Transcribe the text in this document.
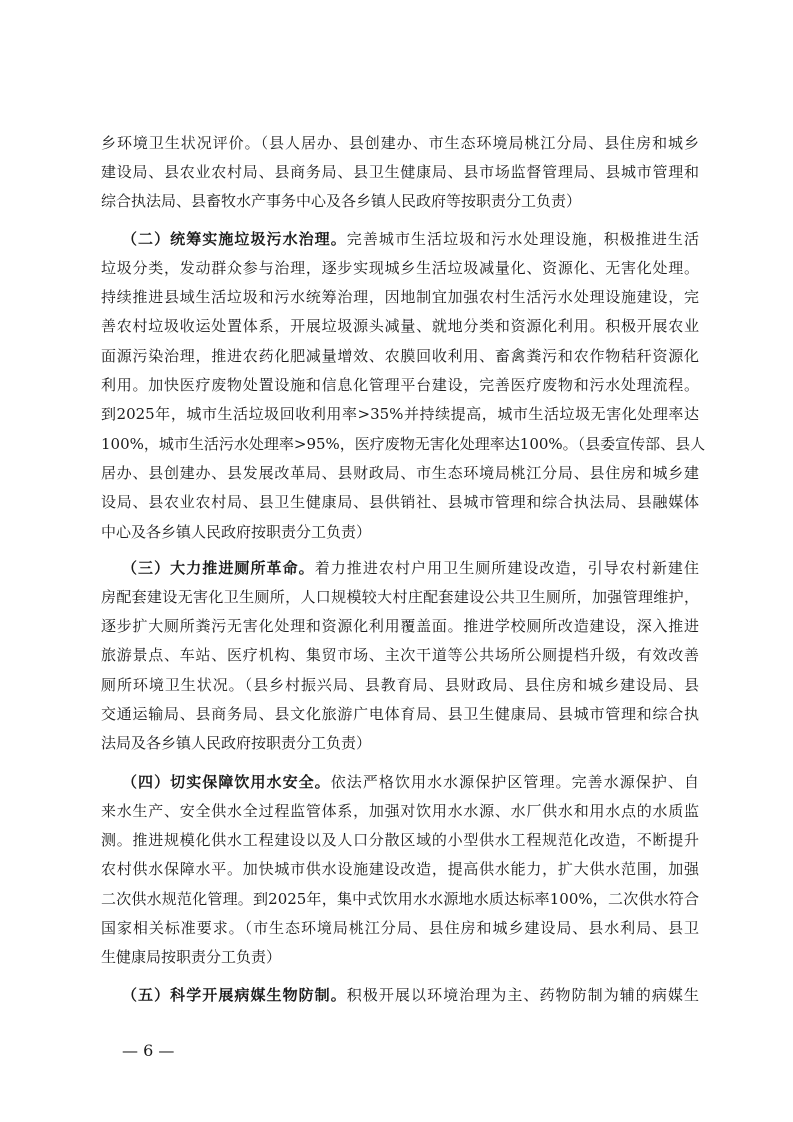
乡环境卫生状况评价。（县人居办、县创建办、市生态环境局桃江分局、县住房和城乡
建设局、县农业农村局、县商务局、县卫生健康局、县市场监督管理局、县城市管理和
综合执法局、县畜牧水产事务中心及各乡镇人民政府等按职责分工负责）
（二）统筹实施垃圾污水治理。完善城市生活垃圾和污水处理设施，积极推进生活
垃圾分类，发动群众参与治理，逐步实现城乡生活垃圾减量化、资源化、无害化处理。
持续推进县域生活垃圾和污水统筹治理，因地制宜加强农村生活污水处理设施建设，完
善农村垃圾收运处置体系，开展垃圾源头减量、就地分类和资源化利用。积极开展农业
面源污染治理，推进农药化肥减量增效、农膜回收利用、畜禽粪污和农作物秸秆资源化
利用。加快医疗废物处置设施和信息化管理平台建设，完善医疗废物和污水处理流程。
到2025年，城市生活垃圾回收利用率>35%并持续提高，城市生活垃圾无害化处理率达
100%，城市生活污水处理率>95%，医疗废物无害化处理率达100%。（县委宣传部、县人
居办、县创建办、县发展改革局、县财政局、市生态环境局桃江分局、县住房和城乡建
设局、县农业农村局、县卫生健康局、县供销社、县城市管理和综合执法局、县融媒体
中心及各乡镇人民政府按职责分工负责）
（三）大力推进厕所革命。着力推进农村户用卫生厕所建设改造，引导农村新建住
房配套建设无害化卫生厕所，人口规模较大村庄配套建设公共卫生厕所，加强管理维护，
逐步扩大厕所粪污无害化处理和资源化利用覆盖面。推进学校厕所改造建设，深入推进
旅游景点、车站、医疗机构、集贸市场、主次干道等公共场所公厕提档升级，有效改善
厕所环境卫生状况。（县乡村振兴局、县教育局、县财政局、县住房和城乡建设局、县
交通运输局、县商务局、县文化旅游广电体育局、县卫生健康局、县城市管理和综合执
法局及各乡镇人民政府按职责分工负责）
（四）切实保障饮用水安全。依法严格饮用水水源保护区管理。完善水源保护、自
来水生产、安全供水全过程监管体系，加强对饮用水水源、水厂供水和用水点的水质监
测。推进规模化供水工程建设以及人口分散区域的小型供水工程规范化改造，不断提升
农村供水保障水平。加快城市供水设施建设改造，提高供水能力，扩大供水范围，加强
二次供水规范化管理。到2025年，集中式饮用水水源地水质达标率100%，二次供水符合
国家相关标准要求。（市生态环境局桃江分局、县住房和城乡建设局、县水利局、县卫
生健康局按职责分工负责）
（五）科学开展病媒生物防制。积极开展以环境治理为主、药物防制为辅的病媒生
— 6 —
